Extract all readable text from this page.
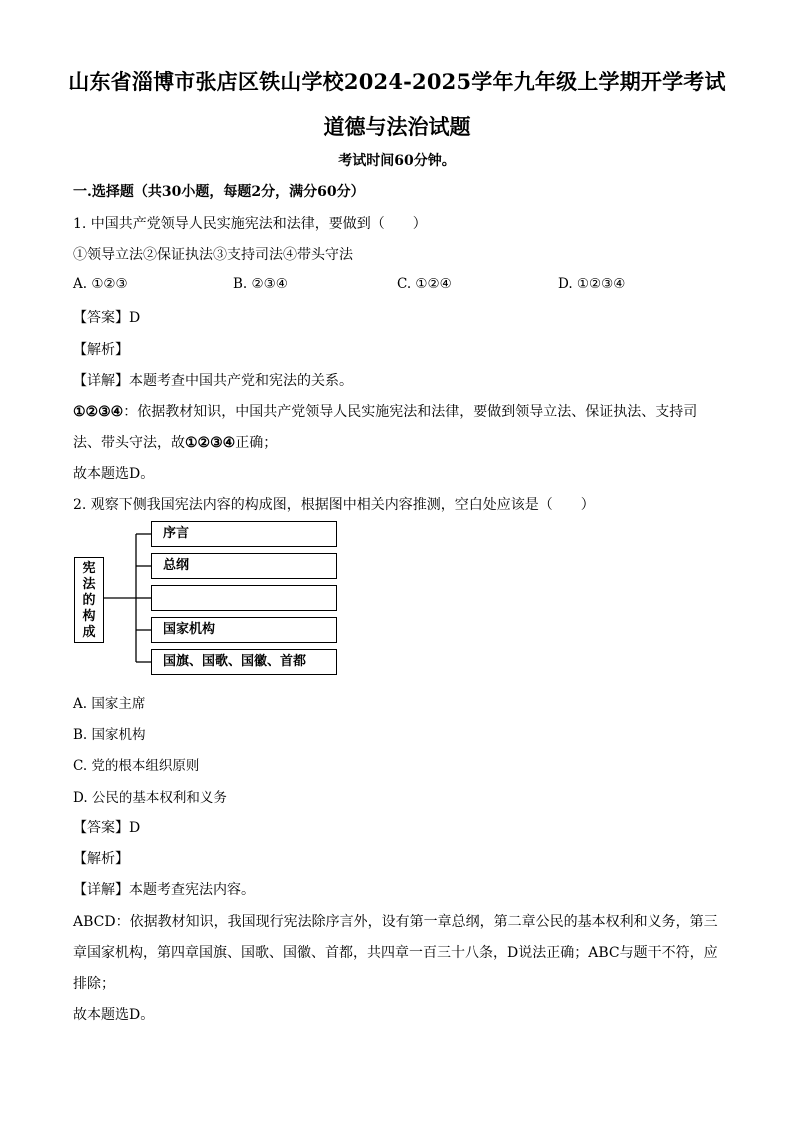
山东省淄博市张店区铁山学校2024-2025学年九年级上学期开学考试
道德与法治试题
考试时间60分钟。
一.选择题（共30小题，每题2分，满分60分）
1. 中国共产党领导人民实施宪法和法律，要做到（　　）
①领导立法②保证执法③支持司法④带头守法
A. ①②③	B. ②③④	C. ①②④	D. ①②③④
【答案】D
【解析】
【详解】本题考查中国共产党和宪法的关系。
①②③④：依据教材知识，中国共产党领导人民实施宪法和法律，要做到领导立法、保证执法、支持司
法、带头守法，故①②③④正确；
故本题选D。
2. 观察下侧我国宪法内容的构成图，根据图中相关内容推测，空白处应该是（　　）
宪
法
的
构
成
序言
总纲
国家机构
国旗、国歌、国徽、首都
A. 国家主席
B. 国家机构
C. 党的根本组织原则
D. 公民的基本权利和义务
【答案】D
【解析】
【详解】本题考查宪法内容。
ABCD：依据教材知识，我国现行宪法除序言外，设有第一章总纲，第二章公民的基本权利和义务，第三
章国家机构，第四章国旗、国歌、国徽、首都，共四章一百三十八条，D说法正确；ABC与题干不符，应
排除；
故本题选D。
